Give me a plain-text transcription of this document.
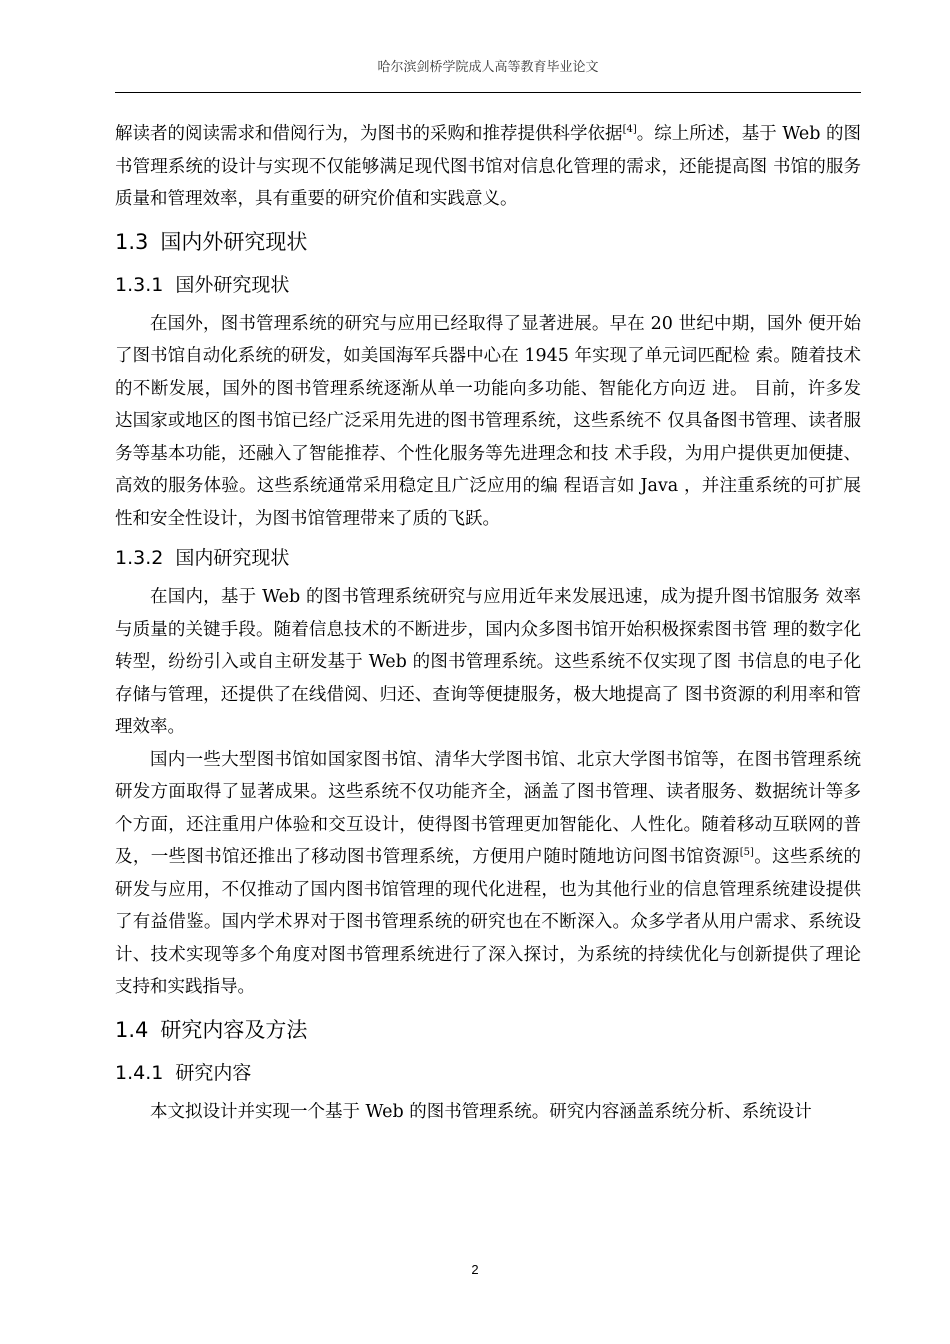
哈尔滨剑桥学院成人高等教育毕业论文

解读者的阅读需求和借阅行为，为图书的采购和推荐提供科学依据[4]。综上所述，基于 Web 的图书管理系统的设计与实现不仅能够满足现代图书馆对信息化管理的需求，还能提高图 书馆的服务质量和管理效率，具有重要的研究价值和实践意义。

1.3 国内外研究现状
1.3.1 国外研究现状

在国外，图书管理系统的研究与应用已经取得了显著进展。早在 20 世纪中期，国外 便开始了图书馆自动化系统的研发，如美国海军兵器中心在 1945 年实现了单元词匹配检 索。随着技术的不断发展，国外的图书管理系统逐渐从单一功能向多功能、智能化方向迈 进。 目前，许多发达国家或地区的图书馆已经广泛采用先进的图书管理系统，这些系统不 仅具备图书管理、读者服务等基本功能，还融入了智能推荐、个性化服务等先进理念和技 术手段，为用户提供更加便捷、高效的服务体验。这些系统通常采用稳定且广泛应用的编 程语言如 Java ，并注重系统的可扩展性和安全性设计，为图书馆管理带来了质的飞跃。

1.3.2 国内研究现状

在国内，基于 Web 的图书管理系统研究与应用近年来发展迅速，成为提升图书馆服务 效率与质量的关键手段。随着信息技术的不断进步，国内众多图书馆开始积极探索图书管 理的数字化转型，纷纷引入或自主研发基于 Web 的图书管理系统。这些系统不仅实现了图 书信息的电子化存储与管理，还提供了在线借阅、归还、查询等便捷服务，极大地提高了 图书资源的利用率和管理效率。

国内一些大型图书馆如国家图书馆、清华大学图书馆、北京大学图书馆等，在图书管理系统研发方面取得了显著成果。这些系统不仅功能齐全，涵盖了图书管理、读者服务、数据统计等多个方面，还注重用户体验和交互设计，使得图书管理更加智能化、人性化。随着移动互联网的普及，一些图书馆还推出了移动图书管理系统，方便用户随时随地访问图书馆资源[5]。这些系统的研发与应用，不仅推动了国内图书馆管理的现代化进程，也为其他行业的信息管理系统建设提供了有益借鉴。国内学术界对于图书管理系统的研究也在不断深入。众多学者从用户需求、系统设计、技术实现等多个角度对图书管理系统进行了深入探讨，为系统的持续优化与创新提供了理论支持和实践指导。

1.4 研究内容及方法
1.4.1 研究内容

本文拟设计并实现一个基于 Web 的图书管理系统。研究内容涵盖系统分析、系统设计

2
